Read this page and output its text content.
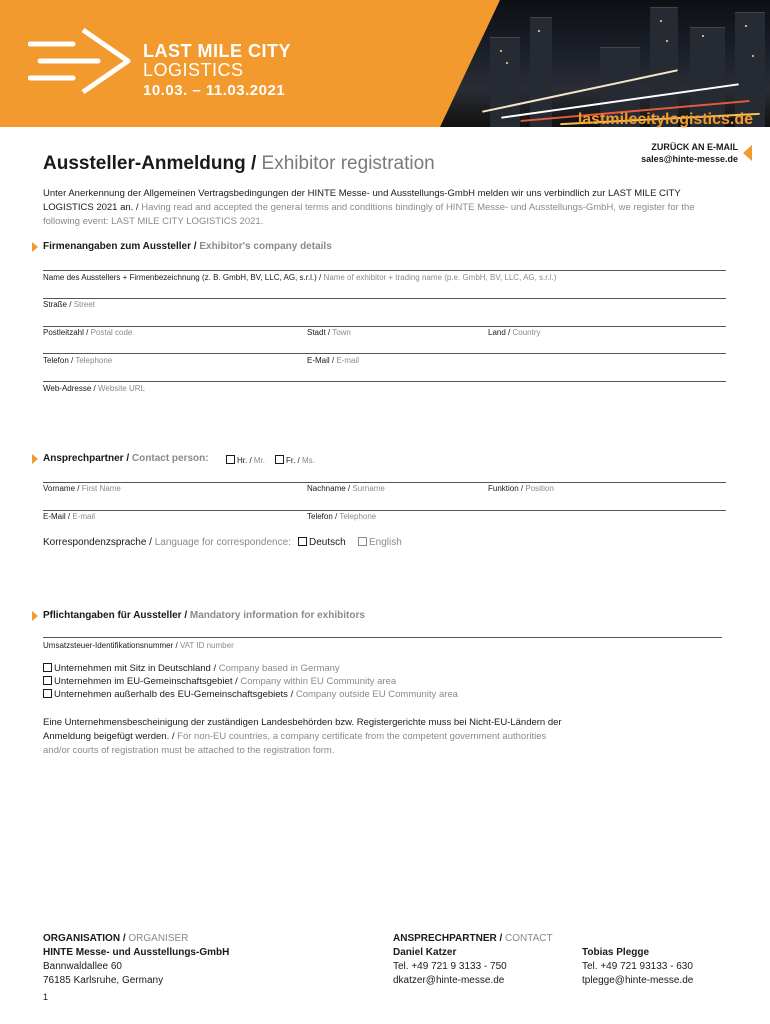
LAST MILE CITY
LOGISTICS
10.03. – 11.03.2021
lastmilecitylogistics.de
Aussteller-Anmeldung / Exhibitor registration
ZURÜCK AN E-MAIL
sales@hinte-messe.de
Unter Anerkennung der Allgemeinen Vertragsbedingungen der HINTE Messe- und Ausstellungs-GmbH melden wir uns verbindlich zur LAST MILE CITY LOGISTICS 2021 an. / Having read and accepted the general terms and conditions bindingly of HINTE Messe- und Ausstellungs-GmbH, we register for the following event: LAST MILE CITY LOGISTICS 2021.
Firmenangaben zum Aussteller / Exhibitor's company details
Name des Ausstellers + Firmenbezeichnung (z. B. GmbH, BV, LLC, AG, s.r.l.) / Name of exhibitor + trading name (p.e. GmbH, BV, LLC, AG, s.r.l.)
Straße / Street
Postleitzahl / Postal code	Stadt / Town	Land / Country
Telefon / Telephone	E-Mail / E-mail
Web-Adresse / Website URL
Ansprechpartner / Contact person:	Hr. / Mr.	Fr. / Ms.
Vorname / First Name	Nachname / Surname	Funktion / Position
E-Mail / E-mail	Telefon / Telephone
Korrespondenzsprache / Language for correspondence:	Deutsch	English
Pflichtangaben für Aussteller / Mandatory information for exhibitors
Umsatzsteuer-Identifikationsnummer / VAT ID number
Unternehmen mit Sitz in Deutschland / Company based in Germany
Unternehmen im EU-Gemeinschaftsgebiet / Company within EU Community area
Unternehmen außerhalb des EU-Gemeinschaftsgebiets / Company outside EU Community area
Eine Unternehmensbescheinigung der zuständigen Landesbehörden bzw. Registergerichte muss bei Nicht-EU-Ländern der Anmeldung beigefügt werden. / For non-EU countries, a company certificate from the competent government authorities and/or courts of registration must be attached to the registration form.
ORGANISATION / ORGANISER
HINTE Messe- und Ausstellungs-GmbH
Bannwaldallee 60
76185 Karlsruhe, Germany
ANSPRECHPARTNER / CONTACT
Daniel Katzer
Tel. +49 721 9 3133 - 750
dkatzer@hinte-messe.de
Tobias Plegge
Tel. +49 721 93133 - 630
tplegge@hinte-messe.de
1
